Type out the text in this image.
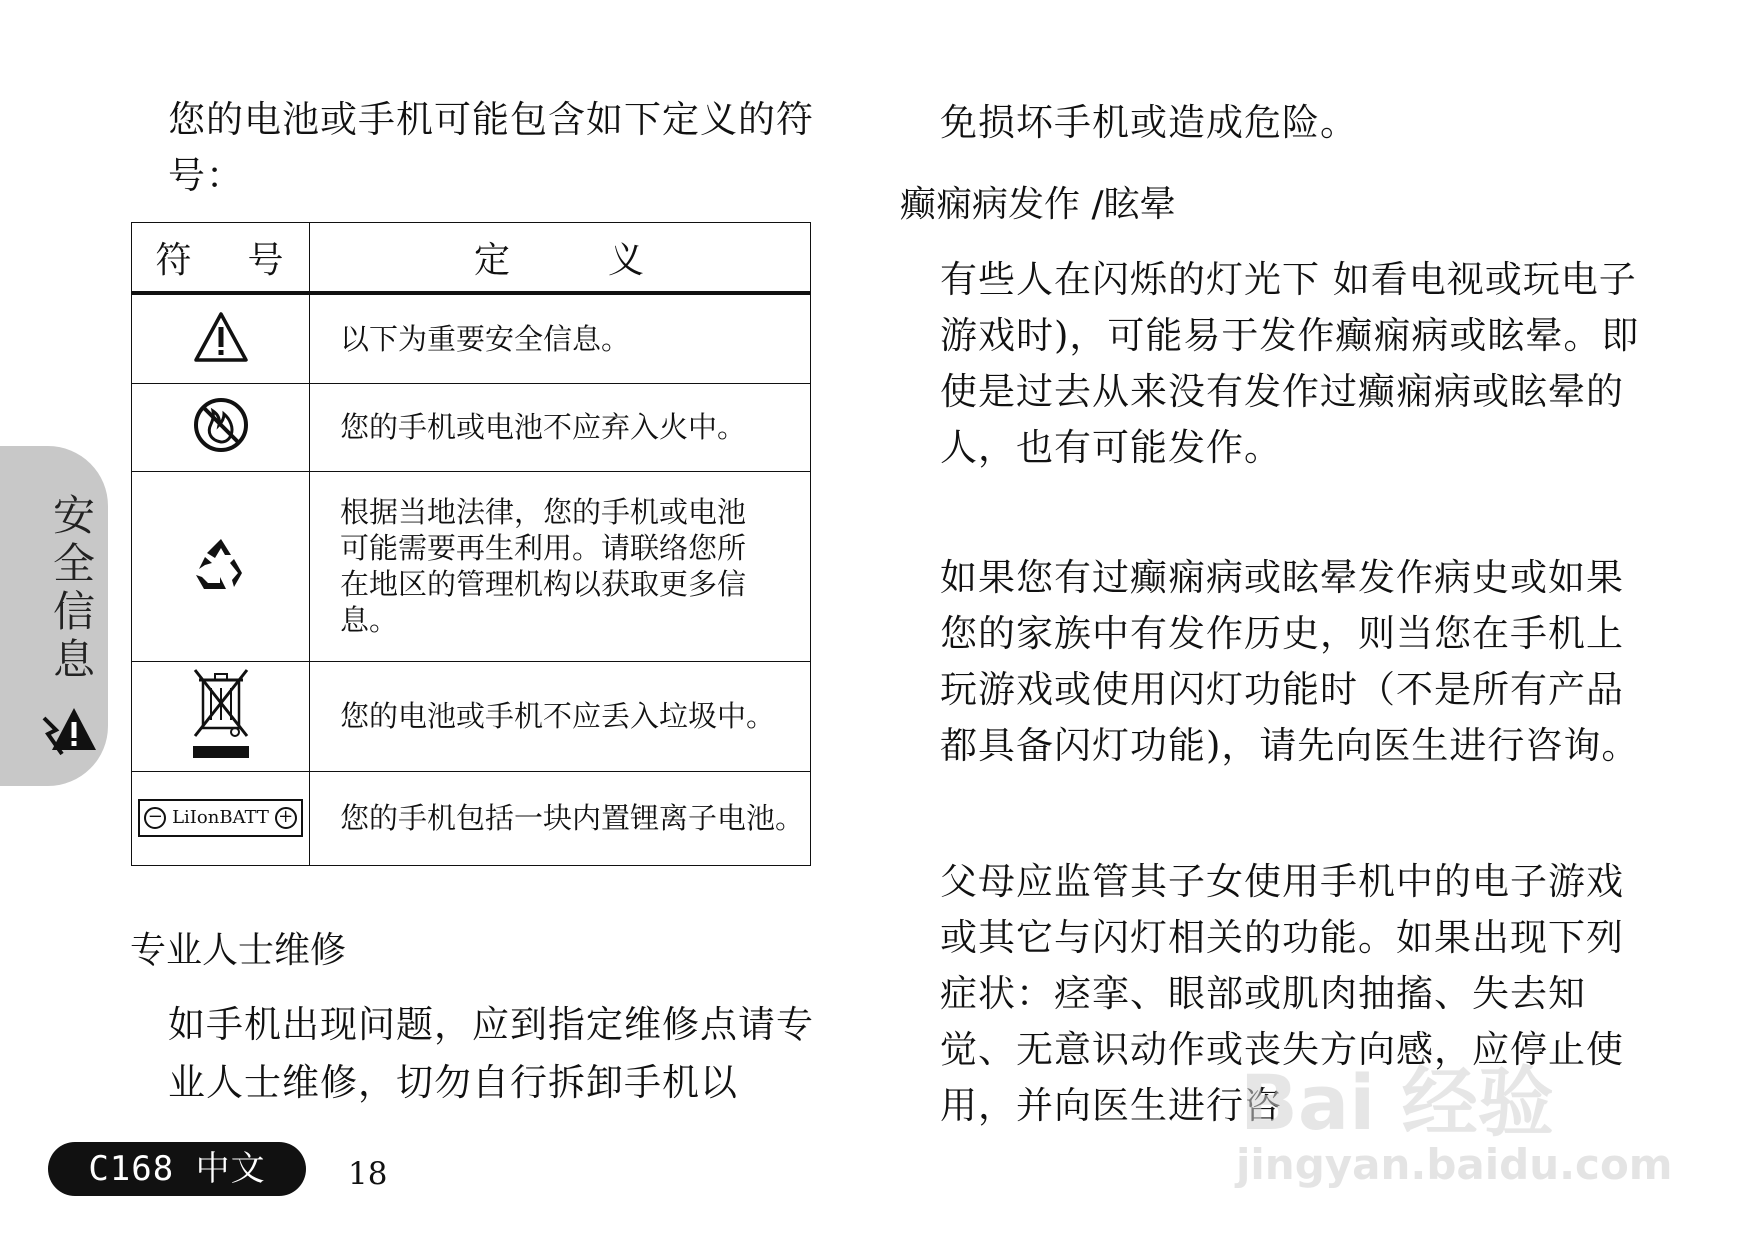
您的电池或手机可能包含如下定义的符号：
符 号	定 义
	以下为重要安全信息。
	您的手机或电池不应弃入火中。
	根据当地法律，您的手机或电池可能需要再生利用。请联络您所在地区的管理机构以获取更多信息。
	您的电池或手机不应丢入垃圾中。
− LiIonBATT +	您的手机包括一块内置锂离子电池。
专业人士维修
如手机出现问题，应到指定维修点请专业人士维修，切勿自行拆卸手机以
免损坏手机或造成危险。
癫痫病发作 /眩晕
有些人在闪烁的灯光下 如看电视或玩电子游戏时)，可能易于发作癫痫病或眩晕。即使是过去从来没有发作过癫痫病或眩晕的人，也有可能发作。
如果您有过癫痫病或眩晕发作病史或如果您的家族中有发作历史，则当您在手机上玩游戏或使用闪灯功能时（不是所有产品都具备闪灯功能)，请先向医生进行咨询。
父母应监管其子女使用手机中的电子游戏或其它与闪灯相关的功能。如果出现下列症状：痉挛、眼部或肌肉抽搐、失去知觉、无意识动作或丧失方向感，应停止使用，并向医生进行咨
安全信息
C168 中文	18
Bai 经验
jingyan.baidu.com
